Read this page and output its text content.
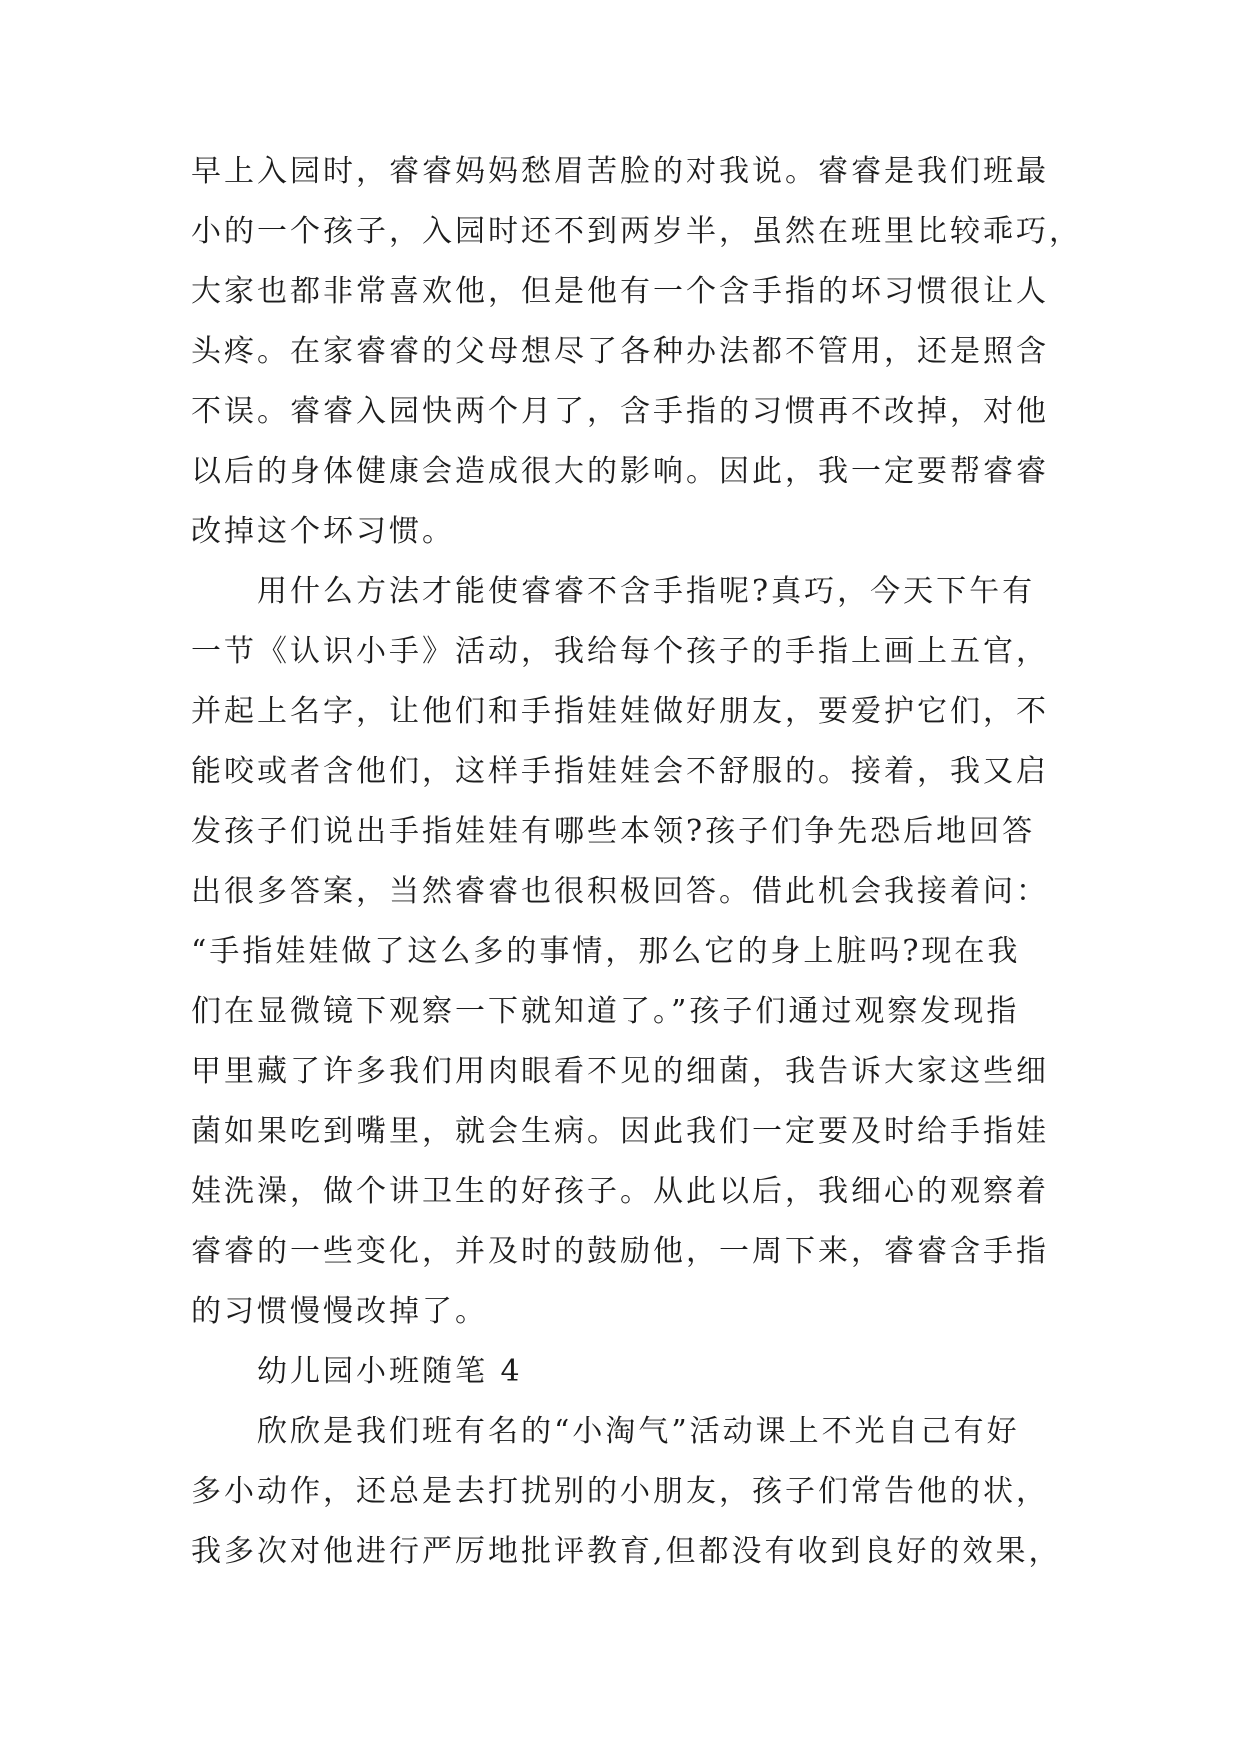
早上入园时，睿睿妈妈愁眉苦脸的对我说。睿睿是我们班最
小的一个孩子，入园时还不到两岁半，虽然在班里比较乖巧，
大家也都非常喜欢他，但是他有一个含手指的坏习惯很让人
头疼。在家睿睿的父母想尽了各种办法都不管用，还是照含
不误。睿睿入园快两个月了，含手指的习惯再不改掉，对他
以后的身体健康会造成很大的影响。因此，我一定要帮睿睿
改掉这个坏习惯。
用什么方法才能使睿睿不含手指呢?真巧，今天下午有
一节《认识小手》活动，我给每个孩子的手指上画上五官，
并起上名字，让他们和手指娃娃做好朋友，要爱护它们，不
能咬或者含他们，这样手指娃娃会不舒服的。接着，我又启
发孩子们说出手指娃娃有哪些本领?孩子们争先恐后地回答
出很多答案，当然睿睿也很积极回答。借此机会我接着问：
“手指娃娃做了这么多的事情，那么它的身上脏吗?现在我
们在显微镜下观察一下就知道了。”孩子们通过观察发现指
甲里藏了许多我们用肉眼看不见的细菌，我告诉大家这些细
菌如果吃到嘴里，就会生病。因此我们一定要及时给手指娃
娃洗澡，做个讲卫生的好孩子。从此以后，我细心的观察着
睿睿的一些变化，并及时的鼓励他，一周下来，睿睿含手指
的习惯慢慢改掉了。
幼儿园小班随笔 4
欣欣是我们班有名的“小淘气”活动课上不光自己有好
多小动作，还总是去打扰别的小朋友，孩子们常告他的状，
我多次对他进行严厉地批评教育,但都没有收到良好的效果，
